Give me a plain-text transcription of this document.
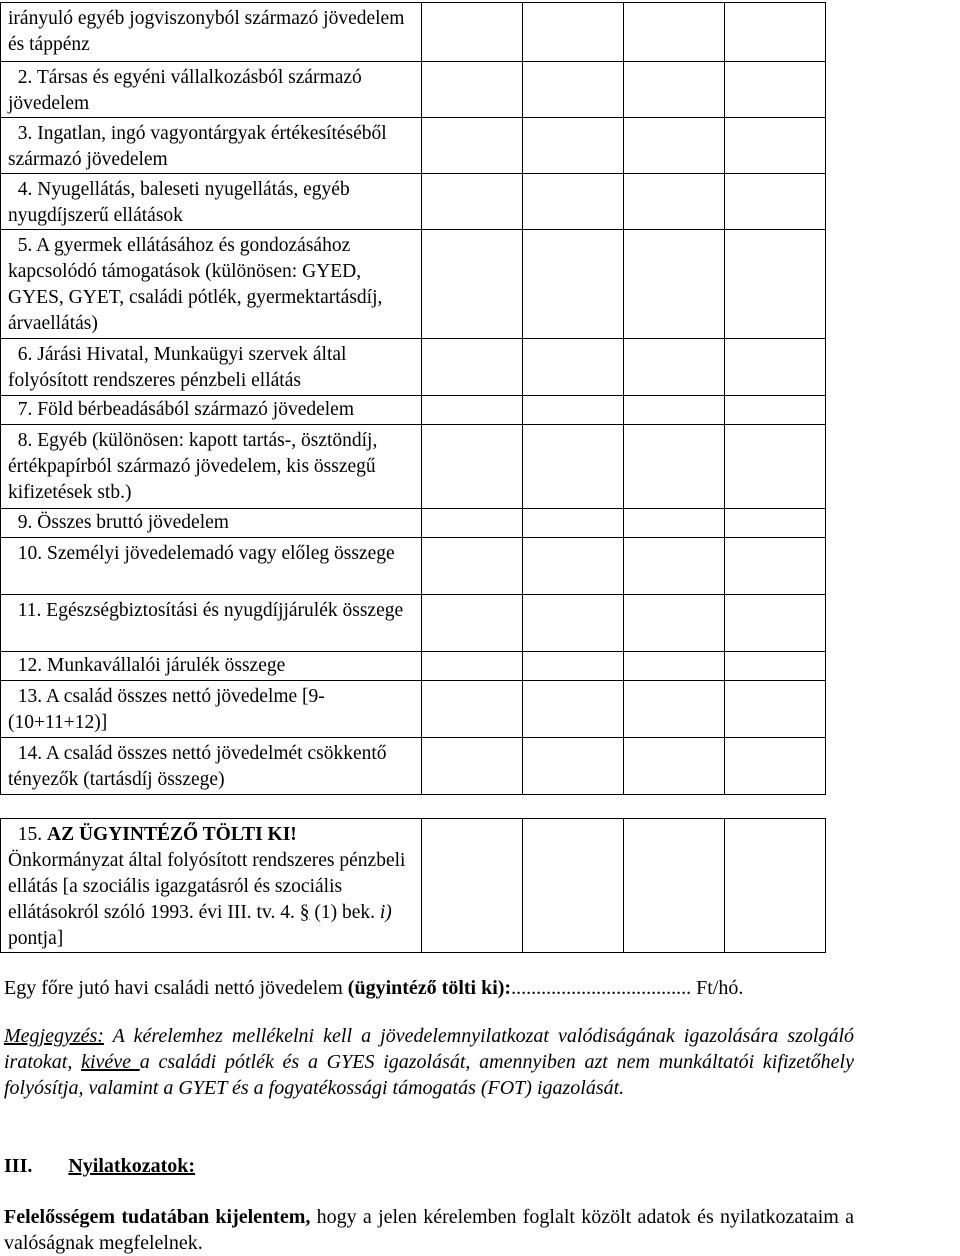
irányuló egyéb jogviszonyból származó jövedelem és táppénz				

2. Társas és egyéni vállalkozásból származó jövedelem				

3. Ingatlan, ingó vagyontárgyak értékesítéséből származó jövedelem				

4. Nyugellátás, baleseti nyugellátás, egyéb nyugdíjszerű ellátások				

5. A gyermek ellátásához és gondozásához kapcsolódó támogatások (különösen: GYED, GYES, GYET, családi pótlék, gyermektartásdíj, árvaellátás)				

6. Járási Hivatal, Munkaügyi szervek által folyósított rendszeres pénzbeli ellátás				

7. Föld bérbeadásából származó jövedelem				

8. Egyéb (különösen: kapott tartás-, ösztöndíj, értékpapírból származó jövedelem, kis összegű kifizetések stb.)				

9. Összes bruttó jövedelem				

10. Személyi jövedelemadó vagy előleg összege				

11. Egészségbiztosítási és nyugdíjjárulék összege				

12. Munkavállalói járulék összege				

13. A család összes nettó jövedelme [9-(10+11+12)]				

14. A család összes nettó jövedelmét csökkentő tényezők (tartásdíj összege)				

15. AZ ÜGYINTÉZŐ TÖLTI KI!
Önkormányzat által folyósított rendszeres pénzbeli ellátás [a szociális igazgatásról és szociális ellátásokról szóló 1993. évi III. tv. 4. § (1) bek. i) pontja]

Egy főre jutó havi családi nettó jövedelem (ügyintéző tölti ki):.................................... Ft/hó.

Megjegyzés: A kérelemhez mellékelni kell a jövedelemnyilatkozat valódiságának igazolására szolgáló iratokat, kivéve a családi pótlék és a GYES igazolását, amennyiben azt nem munkáltatói kifizetőhely folyósítja, valamint a GYET és a fogyatékossági támogatás (FOT) igazolását.

III. Nyilatkozatok:

Felelősségem tudatában kijelentem, hogy a jelen kérelemben foglalt közölt adatok és nyilatkozataim a valóságnak megfelelnek.
